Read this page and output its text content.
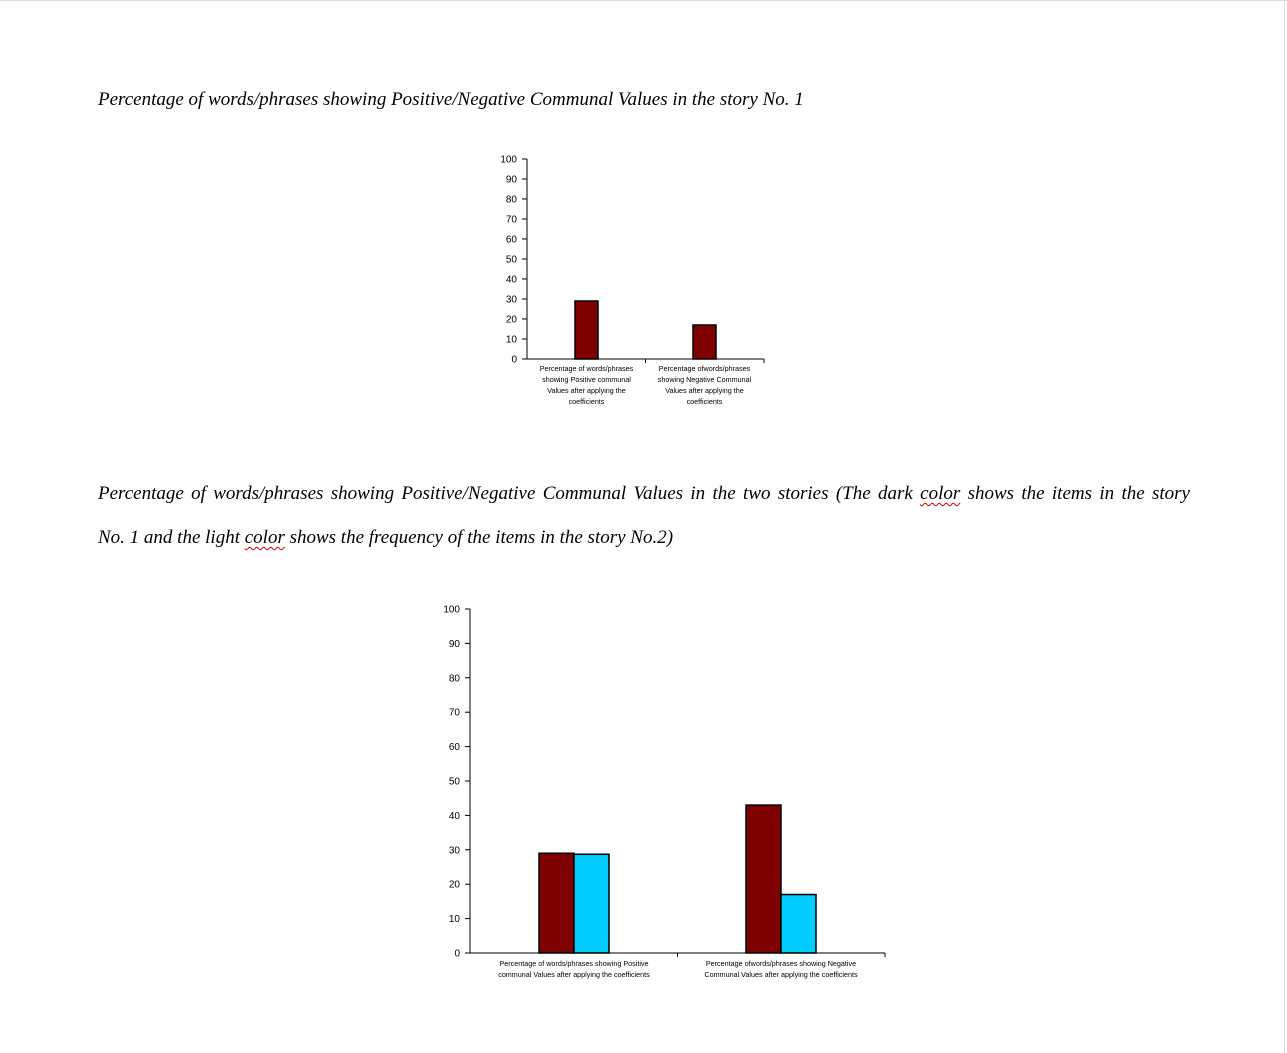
Percentage of words/phrases showing Positive/Negative Communal Values in the story No. 1
Percentage of words/phrases showing Positive/Negative Communal Values in the two stories (The dark color shows the items in the story
No. 1 and the light color shows the frequency of the items in the story No.2)
0
10
20
30
40
50
60
70
80
90
100
Percentage of words/phrases
showing Positive communal
Values after applying the
coefficients
Percentage ofwords/phrases
showing Negative Communal
Values after applying the
coefficients
0
10
20
30
40
50
60
70
80
90
100
Percentage of words/phrases showing Positive
communal Values after applying the coefficients
Percentage ofwords/phrases showing Negative
Communal Values after applying the coefficients
